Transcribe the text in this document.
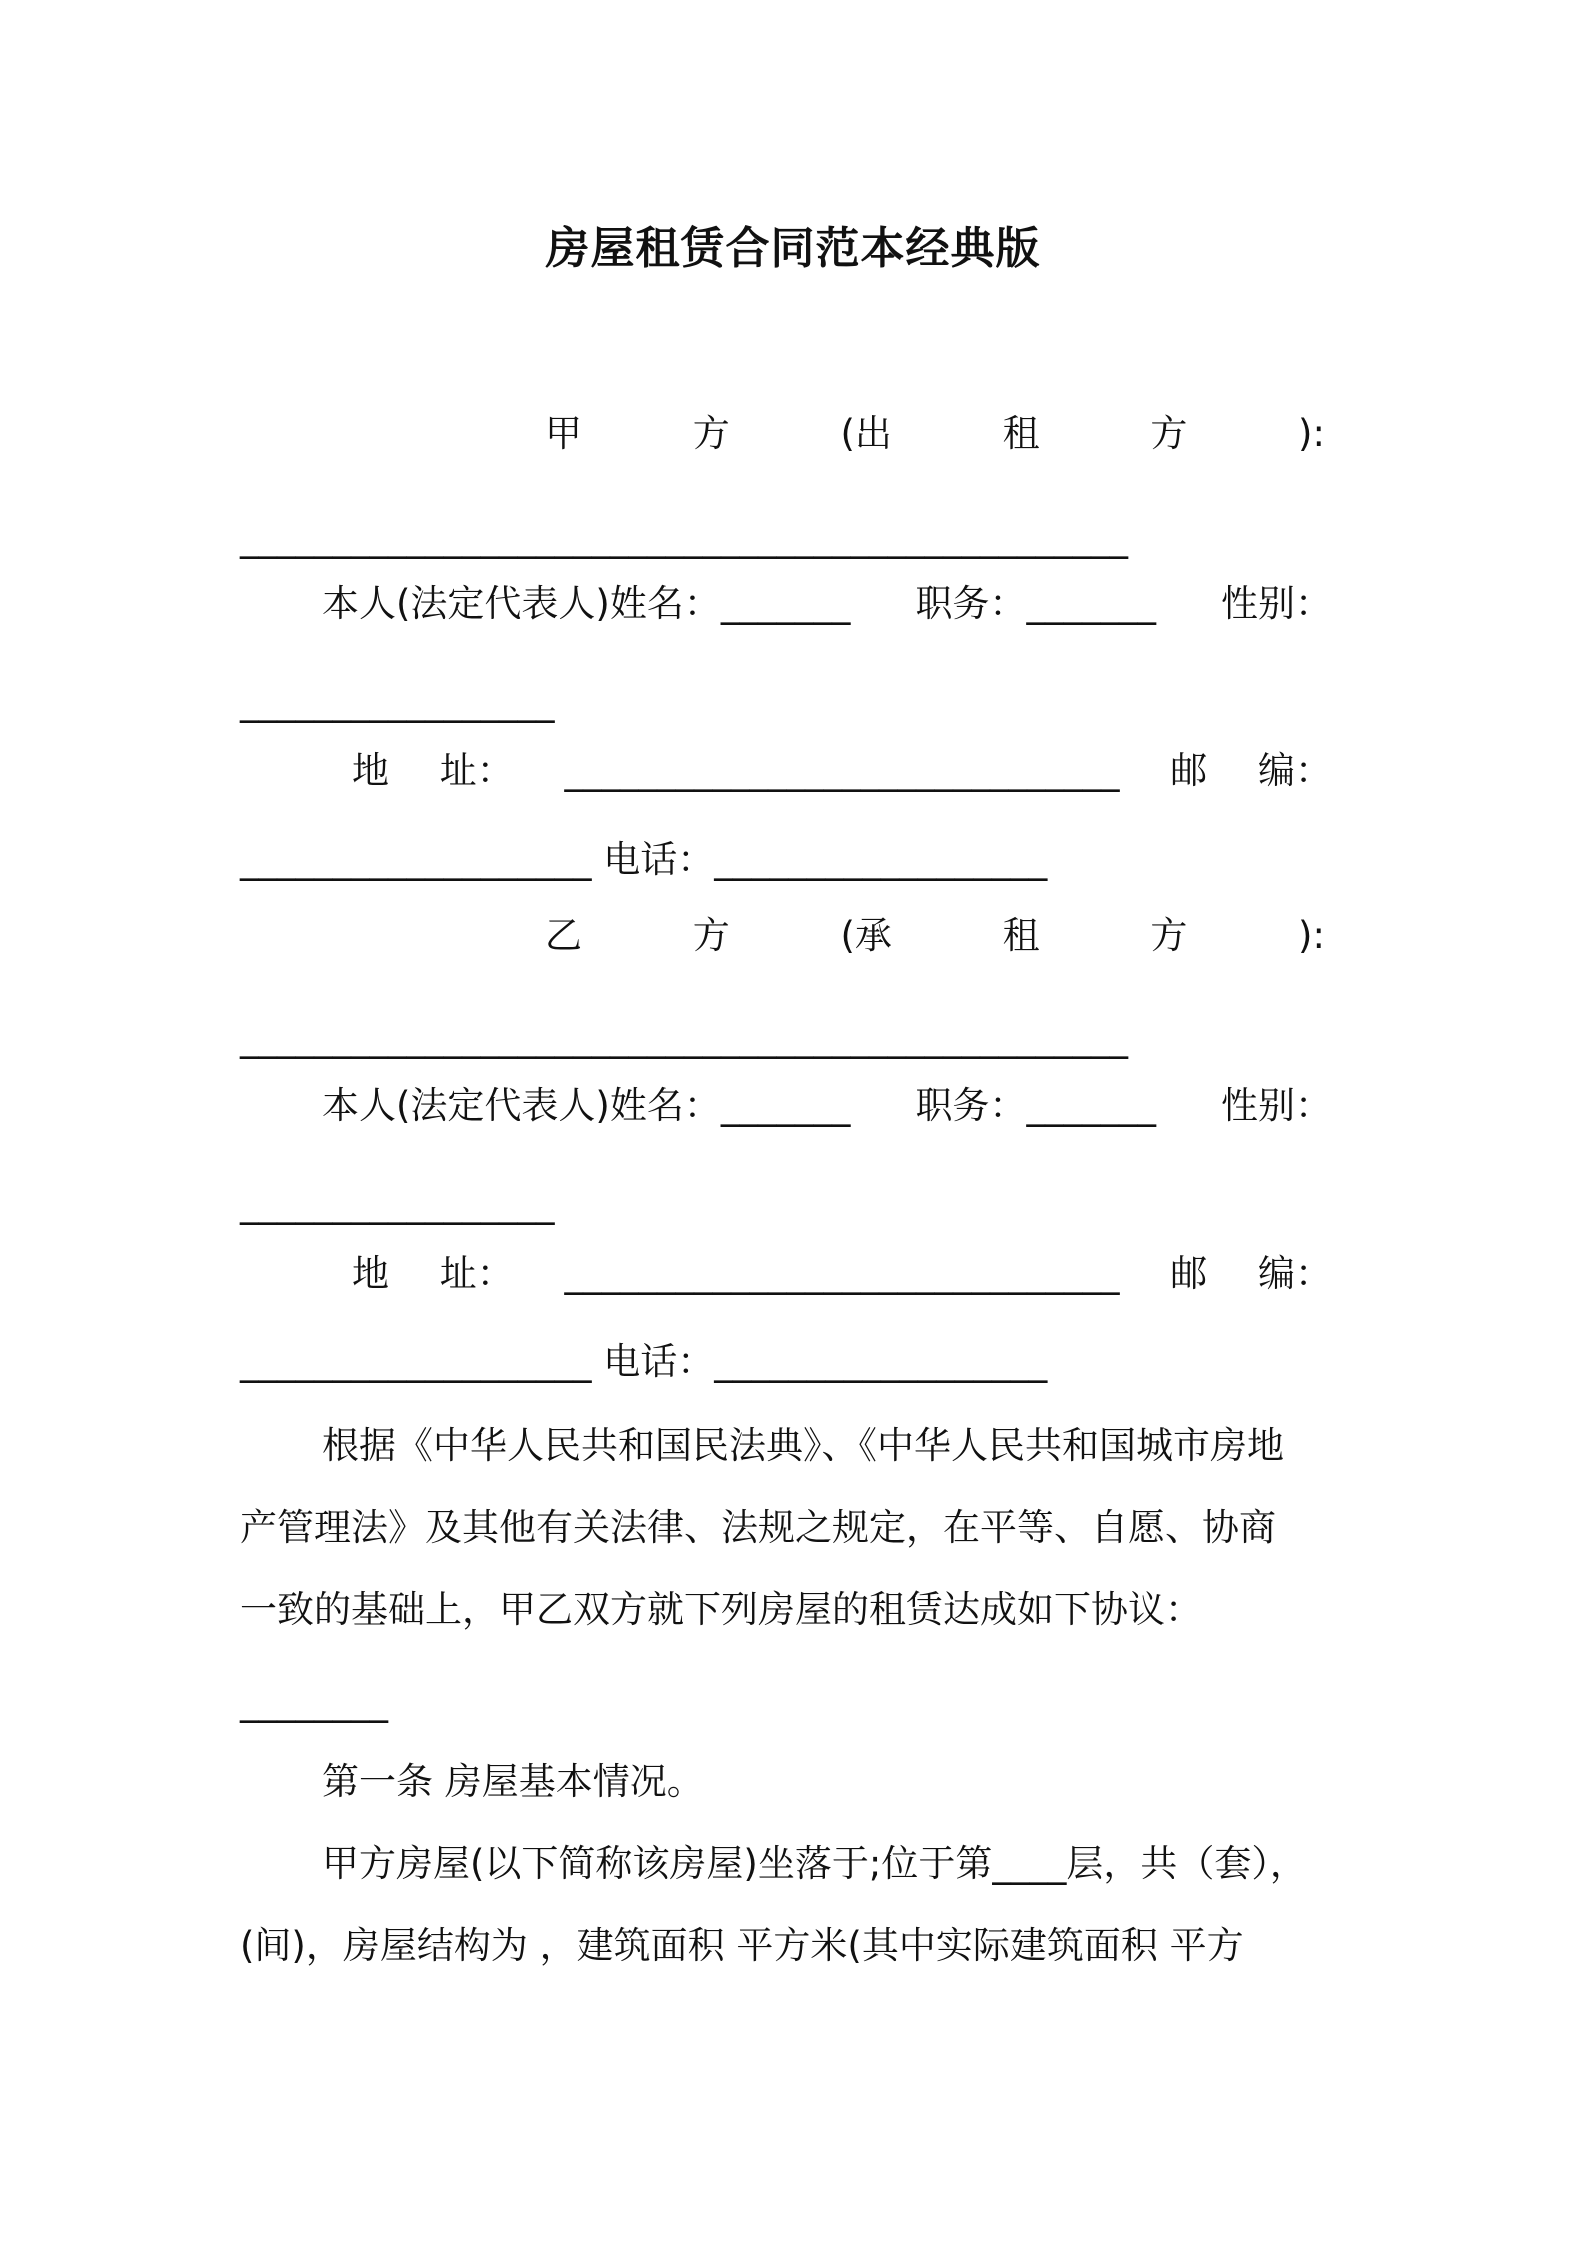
房屋租赁合同范本经典版
甲	方	(出	租	方	):
________________________________________________
本人(法定代表人)姓名：_______ 职务：_______ 性别：
_________________
地 址： ______________________________ 邮 编：
___________________ 电话：__________________
乙	方	(承	租	方	):
________________________________________________
本人(法定代表人)姓名：_______ 职务：_______ 性别：
_________________
地 址： ______________________________ 邮 编：
___________________ 电话：__________________
根据《中华人民共和国民法典》、《中华人民共和国城市房地
产管理法》及其他有关法律、法规之规定，在平等、自愿、协商
一致的基础上，甲乙双方就下列房屋的租赁达成如下协议：
________
第一条 房屋基本情况。
甲方房屋(以下简称该房屋)坐落于;位于第____层，共（套），
(间)，房屋结构为 ，建筑面积 平方米(其中实际建筑面积 平方
